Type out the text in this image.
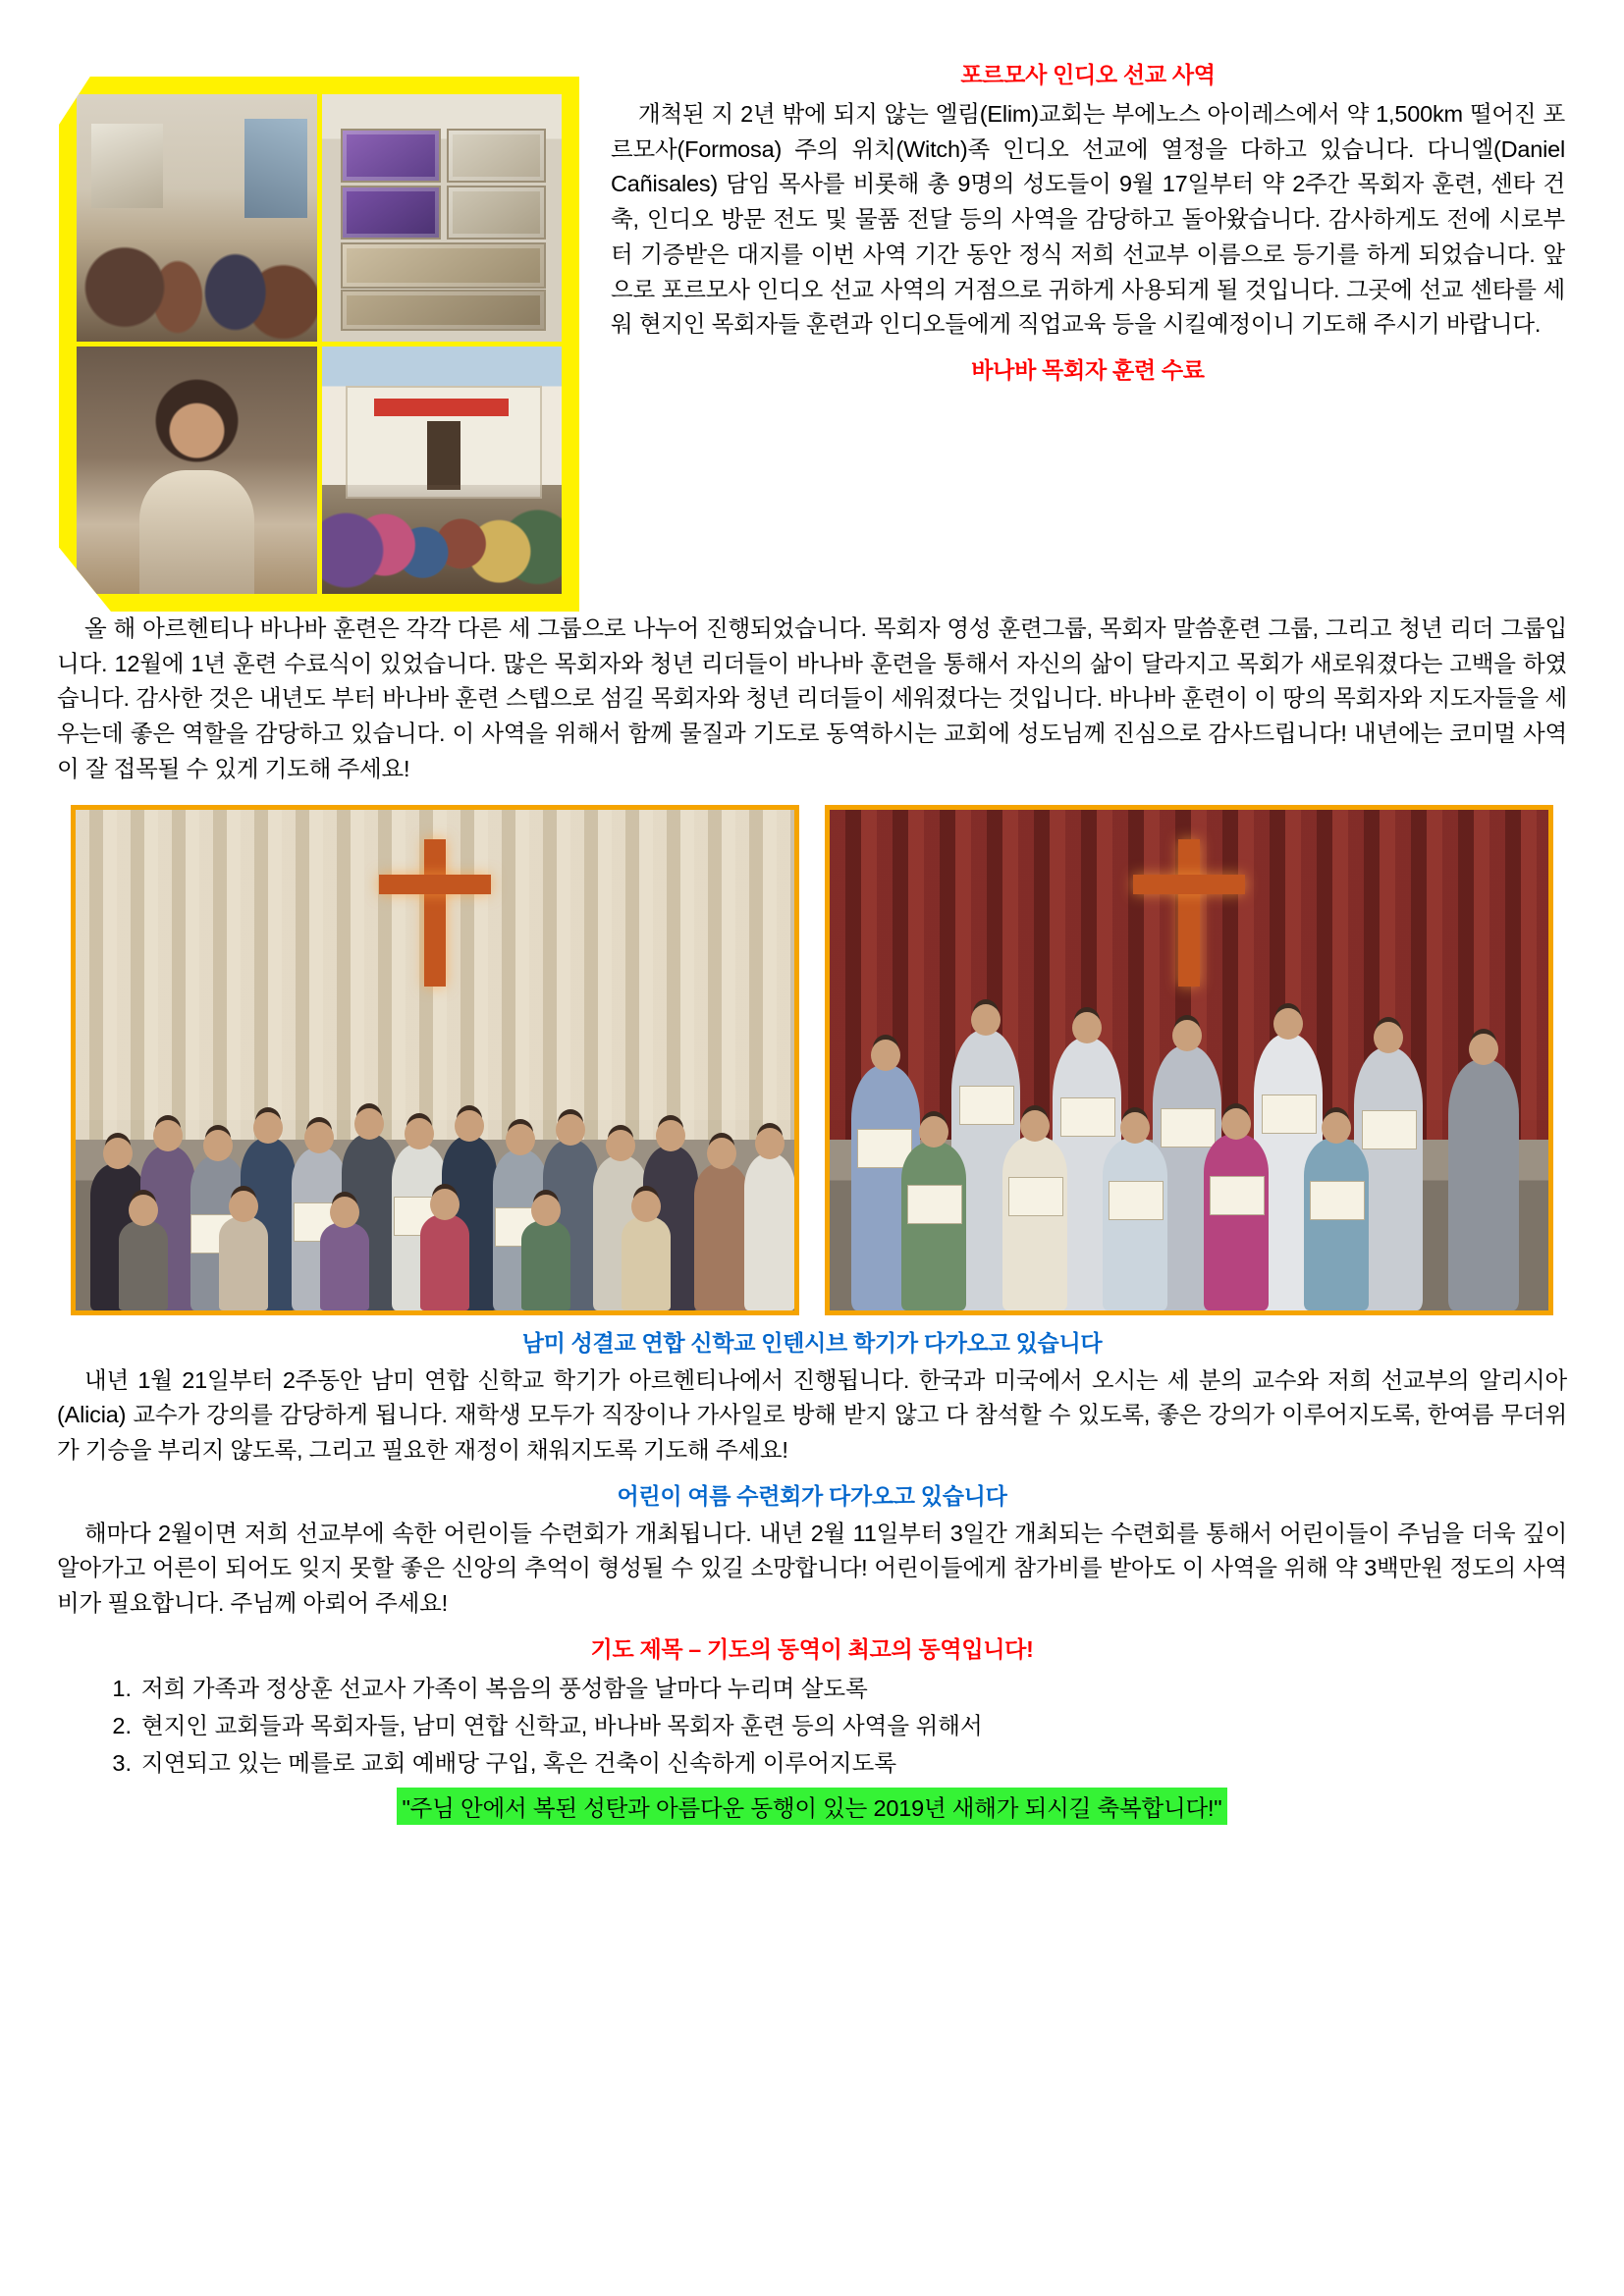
포르모사 인디오 선교 사역
개척된 지 2년 밖에 되지 않는 엘림(Elim)교회는 부에노스 아이레스에서 약 1,500km 떨어진 포르모사(Formosa) 주의 위치(Witch)족 인디오 선교에 열정을 다하고 있습니다. 다니엘(Daniel Cañisales) 담임 목사를 비롯해 총 9명의 성도들이 9월 17일부터 약 2주간 목회자 훈련, 센타 건축, 인디오 방문 전도 및 물품 전달 등의 사역을 감당하고 돌아왔습니다. 감사하게도 전에 시로부터 기증받은 대지를 이번 사역 기간 동안 정식 저희 선교부 이름으로 등기를 하게 되었습니다. 앞으로 포르모사 인디오 선교 사역의 거점으로 귀하게 사용되게 될 것입니다. 그곳에 선교 센타를 세워 현지인 목회자들 훈련과 인디오들에게 직업교육 등을 시킬예정이니 기도해 주시기 바랍니다.
바나바 목회자 훈련 수료
올 해 아르헨티나 바나바 훈련은 각각 다른 세 그룹으로 나누어 진행되었습니다. 목회자 영성 훈련그룹, 목회자 말씀훈련 그룹, 그리고 청년 리더 그룹입니다. 12월에 1년 훈련 수료식이 있었습니다. 많은 목회자와 청년 리더들이 바나바 훈련을 통해서 자신의 삶이 달라지고 목회가 새로워졌다는 고백을 하였습니다. 감사한 것은 내년도 부터 바나바 훈련 스텝으로 섬길 목회자와 청년 리더들이 세워졌다는 것입니다. 바나바 훈련이 이 땅의 목회자와 지도자들을 세우는데 좋은 역할을 감당하고 있습니다. 이 사역을 위해서 함께 물질과 기도로 동역하시는 교회에 성도님께 진심으로 감사드립니다! 내년에는 코미멀 사역이 잘 접목될 수 있게 기도해 주세요!
남미 성결교 연합 신학교 인텐시브 학기가 다가오고 있습니다
내년 1월 21일부터 2주동안 남미 연합 신학교 학기가 아르헨티나에서 진행됩니다. 한국과 미국에서 오시는 세 분의 교수와 저희 선교부의 알리시아(Alicia) 교수가 강의를 감당하게 됩니다. 재학생 모두가 직장이나 가사일로 방해 받지 않고 다 참석할 수 있도록, 좋은 강의가 이루어지도록, 한여름 무더위가 기승을 부리지 않도록, 그리고 필요한 재정이 채워지도록 기도해 주세요!
어린이 여름 수련회가 다가오고 있습니다
해마다 2월이면 저희 선교부에 속한 어린이들 수련회가 개최됩니다. 내년 2월 11일부터 3일간 개최되는 수련회를 통해서 어린이들이 주님을 더욱 깊이 알아가고 어른이 되어도 잊지 못할 좋은 신앙의 추억이 형성될 수 있길 소망합니다! 어린이들에게 참가비를 받아도 이 사역을 위해 약 3백만원 정도의 사역비가 필요합니다. 주님께 아뢰어 주세요!
기도 제목 – 기도의 동역이 최고의 동역입니다!
1. 저희 가족과 정상훈 선교사 가족이 복음의 풍성함을 날마다 누리며 살도록
2. 현지인 교회들과 목회자들, 남미 연합 신학교, 바나바 목회자 훈련 등의 사역을 위해서
3. 지연되고 있는 메를로 교회 예배당 구입, 혹은 건축이 신속하게 이루어지도록
"주님 안에서 복된 성탄과 아름다운 동행이 있는 2019년 새해가 되시길 축복합니다!"
